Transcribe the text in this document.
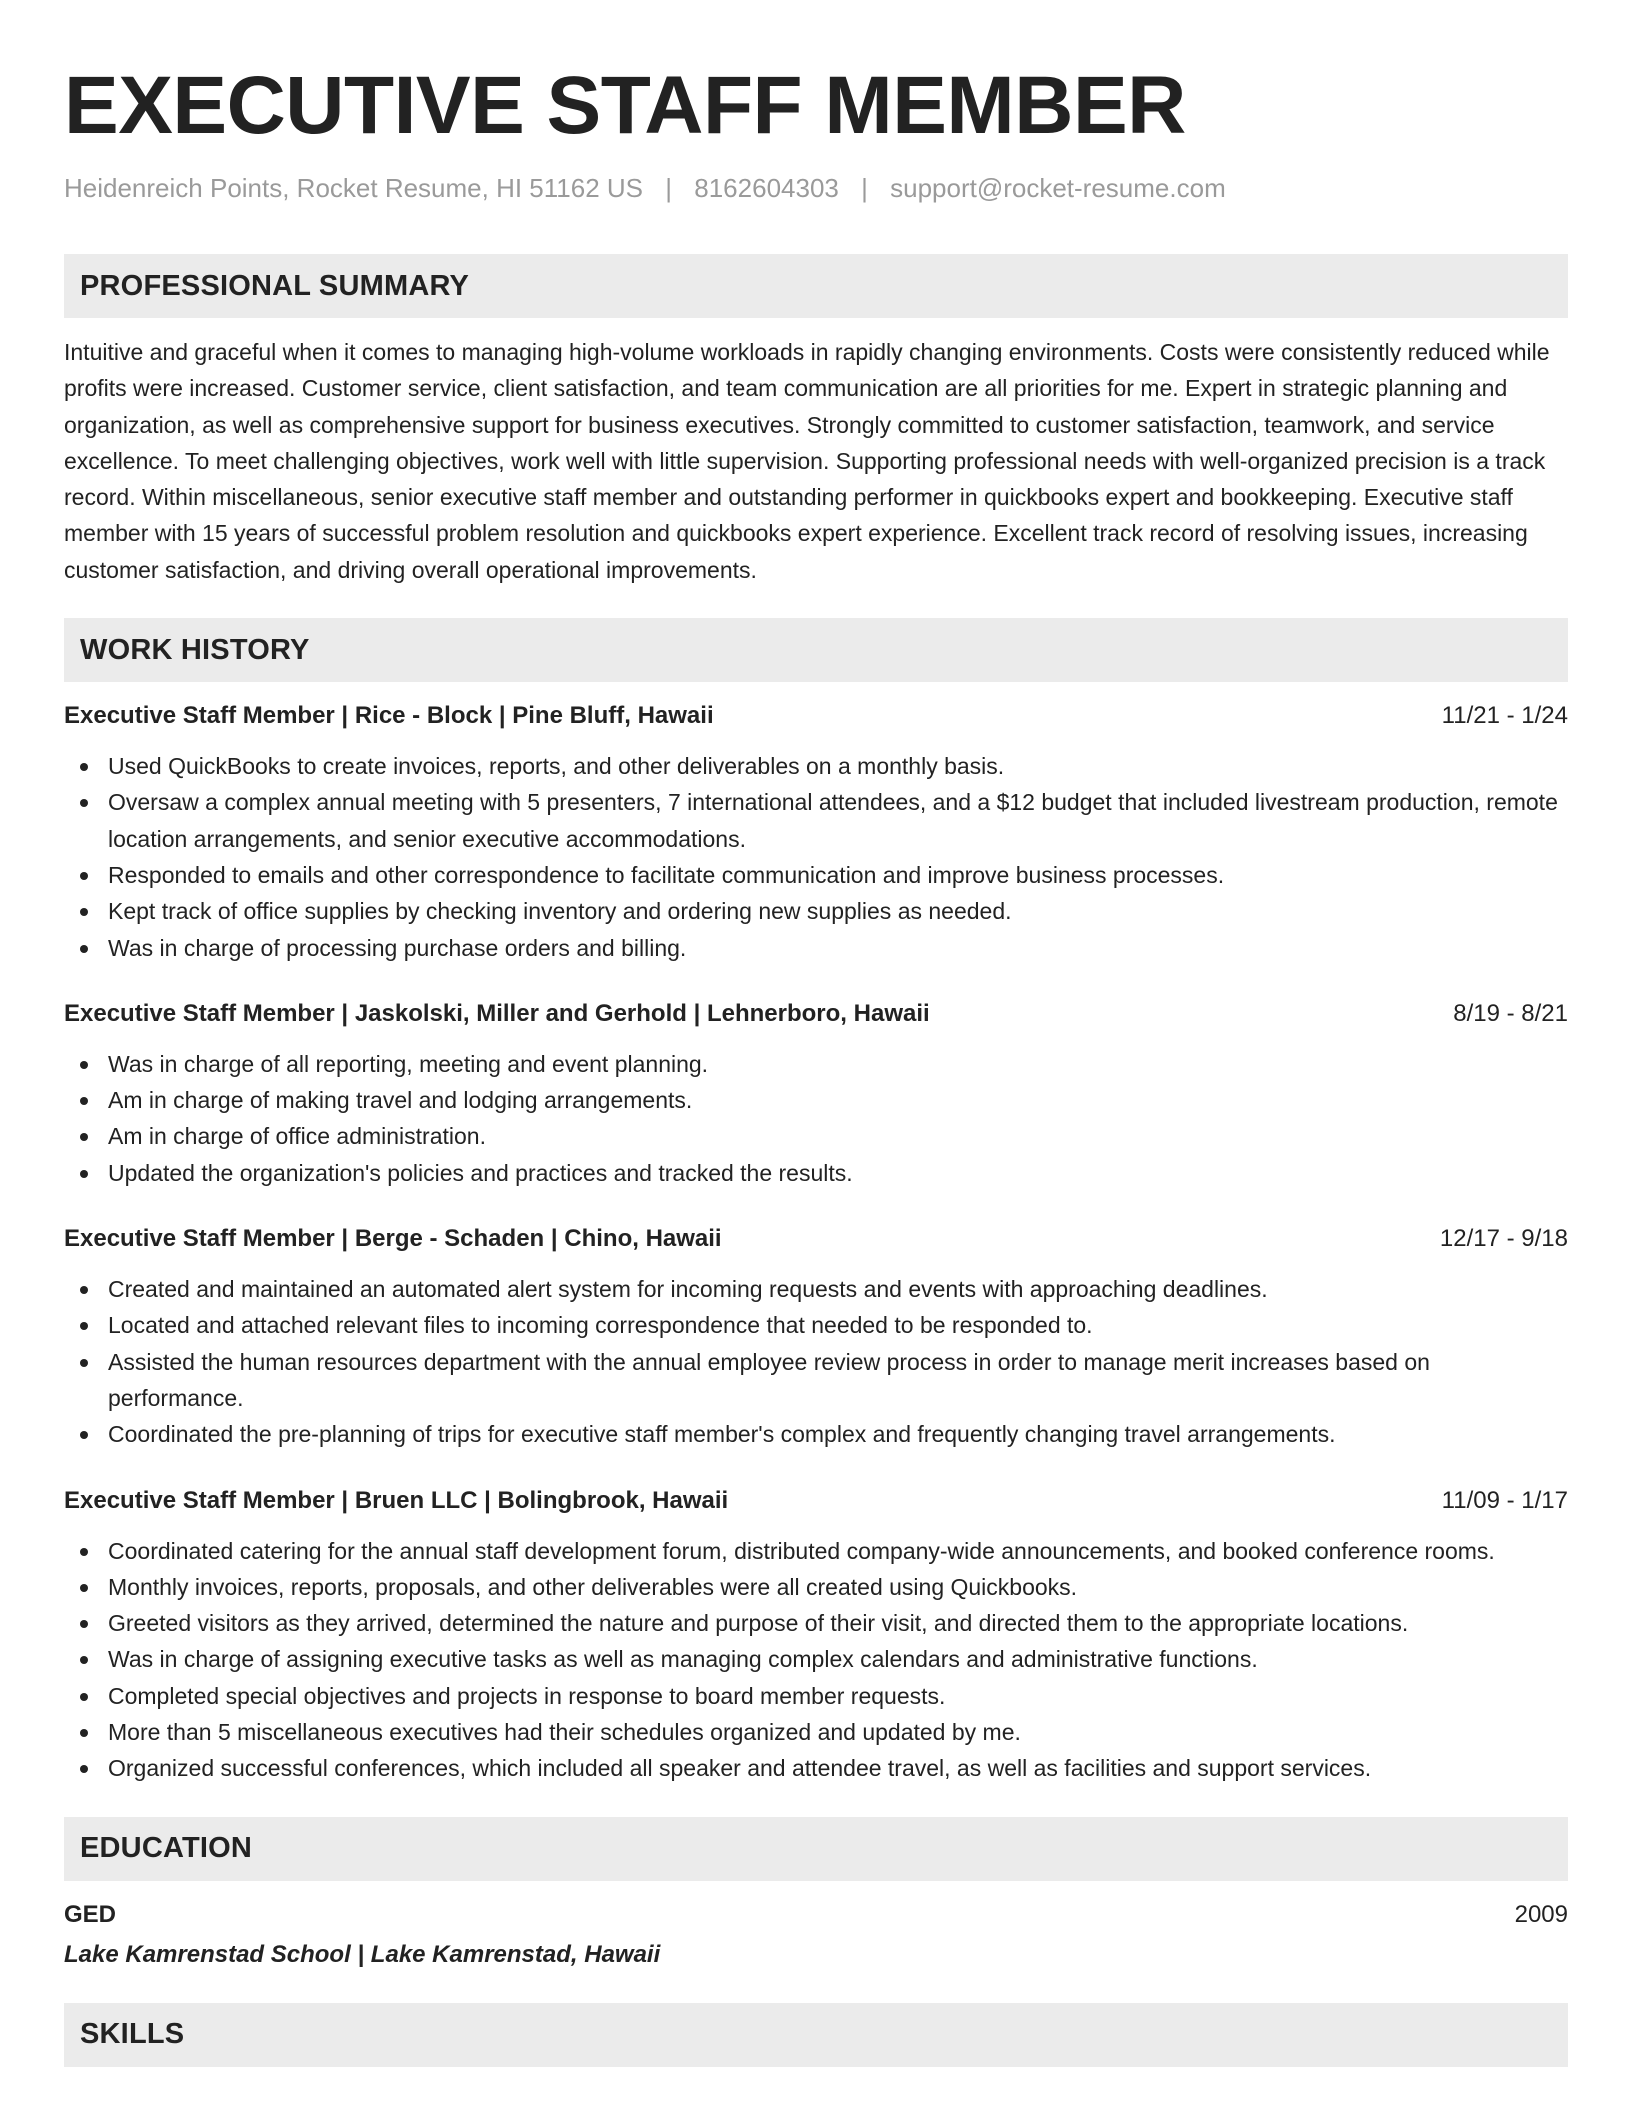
EXECUTIVE STAFF MEMBER
Heidenreich Points, Rocket Resume, HI 51162 US | 8162604303 | support@rocket-resume.com
PROFESSIONAL SUMMARY

Intuitive and graceful when it comes to managing high-volume workloads in rapidly changing environments. Costs were consistently reduced while profits were increased. Customer service, client satisfaction, and team communication are all priorities for me. Expert in strategic planning and organization, as well as comprehensive support for business executives. Strongly committed to customer satisfaction, teamwork, and service excellence. To meet challenging objectives, work well with little supervision. Supporting professional needs with well-organized precision is a track record. Within miscellaneous, senior executive staff member and outstanding performer in quickbooks expert and bookkeeping. Executive staff member with 15 years of successful problem resolution and quickbooks expert experience. Excellent track record of resolving issues, increasing customer satisfaction, and driving overall operational improvements.

WORK HISTORY
Executive Staff Member | Rice - Block | Pine Bluff, Hawaii	11/21 - 1/24
Used QuickBooks to create invoices, reports, and other deliverables on a monthly basis.
Oversaw a complex annual meeting with 5 presenters, 7 international attendees, and a $12 budget that included livestream production, remote location arrangements, and senior executive accommodations.
Responded to emails and other correspondence to facilitate communication and improve business processes.
Kept track of office supplies by checking inventory and ordering new supplies as needed.
Was in charge of processing purchase orders and billing.
Executive Staff Member | Jaskolski, Miller and Gerhold | Lehnerboro, Hawaii	8/19 - 8/21
Was in charge of all reporting, meeting and event planning.
Am in charge of making travel and lodging arrangements.
Am in charge of office administration.
Updated the organization's policies and practices and tracked the results.
Executive Staff Member | Berge - Schaden | Chino, Hawaii	12/17 - 9/18
Created and maintained an automated alert system for incoming requests and events with approaching deadlines.
Located and attached relevant files to incoming correspondence that needed to be responded to.
Assisted the human resources department with the annual employee review process in order to manage merit increases based on performance.
Coordinated the pre-planning of trips for executive staff member's complex and frequently changing travel arrangements.
Executive Staff Member | Bruen LLC | Bolingbrook, Hawaii	11/09 - 1/17
Coordinated catering for the annual staff development forum, distributed company-wide announcements, and booked conference rooms.
Monthly invoices, reports, proposals, and other deliverables were all created using Quickbooks.
Greeted visitors as they arrived, determined the nature and purpose of their visit, and directed them to the appropriate locations.
Was in charge of assigning executive tasks as well as managing complex calendars and administrative functions.
Completed special objectives and projects in response to board member requests.
More than 5 miscellaneous executives had their schedules organized and updated by me.
Organized successful conferences, which included all speaker and attendee travel, as well as facilities and support services.
EDUCATION
GED	2009
Lake Kamrenstad School | Lake Kamrenstad, Hawaii
SKILLS
